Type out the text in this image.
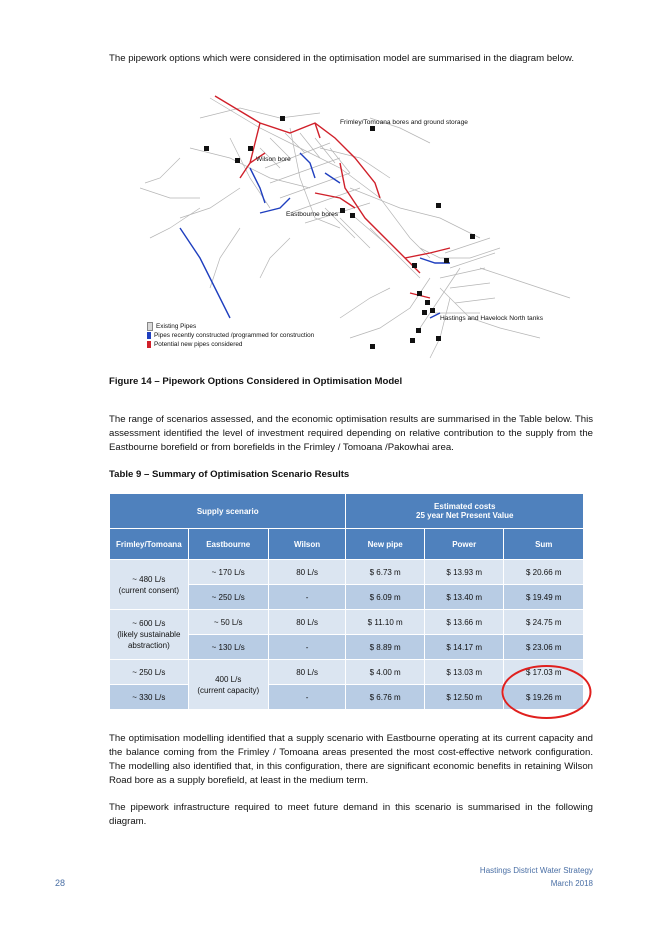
The pipework options which were considered in the optimisation model are summarised in the diagram below.

Frimley/Tomoana bores and ground storage
Wilson bore
Eastbourne bores
Hastings and Havelock North tanks
Existing Pipes
Pipes recently constructed /programmed for construction
Potential new pipes considered

Figure 14 – Pipework Options Considered in Optimisation Model

The range of scenarios assessed, and the economic optimisation results are summarised in the Table below. This assessment identified the level of investment required depending on relative contribution to the supply from the Eastbourne borefield or from borefields in the Frimley / Tomoana /Pakowhai area.

Table 9 – Summary of Optimisation Scenario Results

Supply scenario			Estimated costs
25 year Net Present Value		

Frimley/Tomoana	Eastbourne	Wilson	New pipe	Power	Sum

~ 480 L/s
(current consent)	~ 170 L/s	80 L/s	$ 6.73 m	$ 13.93 m	$ 20.66 m
	~ 250 L/s	-	$ 6.09 m	$ 13.40 m	$ 19.49 m

~ 600 L/s
(likely sustainable
abstraction)	~ 50 L/s	80 L/s	$ 11.10 m	$ 13.66 m	$ 24.75 m
	~ 130 L/s	-	$ 8.89 m	$ 14.17 m	$ 23.06 m
~ 250 L/s	400 L/s
(current capacity)	80 L/s	$ 4.00 m	$ 13.03 m	$ 17.03 m
~ 330 L/s		-	$ 6.76 m	$ 12.50 m	$ 19.26 m

The optimisation modelling identified that a supply scenario with Eastbourne operating at its current capacity and the balance coming from the Frimley / Tomoana areas presented the most cost-effective network configuration. The modelling also identified that, in this configuration, there are significant economic benefits in retaining Wilson Road bore as a supply borefield, at least in the medium term.

The pipework infrastructure required to meet future demand in this scenario is summarised in the following diagram.

28

Hastings District Water Strategy

March 2018
